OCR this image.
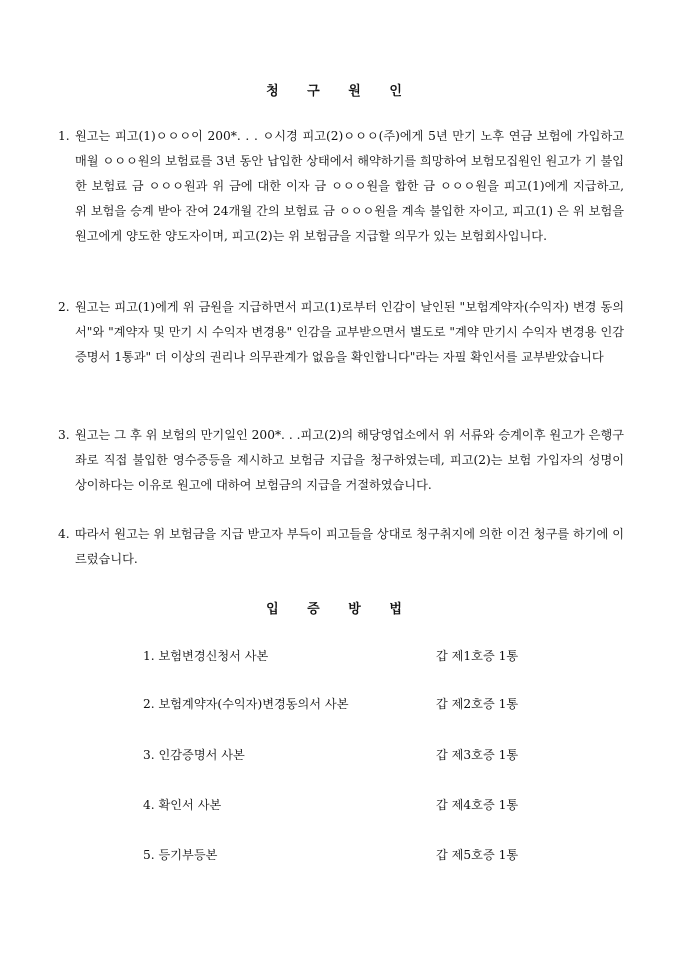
청 구 원 인
1. 원고는 피고(1)ㅇㅇㅇ이 200*. . . ㅇ시경 피고(2)ㅇㅇㅇ(주)에게 5년 만기 노후 연금 보험에 가입하고 매월 ㅇㅇㅇ원의 보험료를 3년 동안 납입한 상태에서 해약하기를 희망하여 보험모집원인 원고가 기 불입한 보험료 금 ㅇㅇㅇ원과 위 금에 대한 이자 금 ㅇㅇㅇ원을 합한 금 ㅇㅇㅇ원을 피고(1)에게 지급하고, 위 보험을 승계 받아 잔여 24개월 간의 보험료 금 ㅇㅇㅇ원을 계속 불입한 자이고, 피고(1) 은 위 보험을 원고에게 양도한 양도자이며, 피고(2)는 위 보험금을 지급할 의무가 있는 보험회사입니다.
2. 원고는 피고(1)에게 위 금원을 지급하면서 피고(1)로부터 인감이 날인된 "보험계약자(수익자) 변경 동의서"와 "계약자 및 만기 시 수익자 변경용" 인감을 교부받으면서 별도로 "계약 만기시 수익자 변경용 인감증명서 1통과" 더 이상의 권리나 의무관계가 없음을 확인합니다"라는 자필 확인서를 교부받았습니다
3. 원고는 그 후 위 보험의 만기일인 200*. . .피고(2)의 해당영업소에서 위 서류와 승계이후 원고가 은행구좌로 직접 불입한 영수증등을 제시하고 보험금 지급을 청구하였는데, 피고(2)는 보험 가입자의 성명이 상이하다는 이유로 원고에 대하여 보험금의 지급을 거절하였습니다.
4. 따라서 원고는 위 보험금을 지급 받고자 부득이 피고들을 상대로 청구취지에 의한 이건 청구를 하기에 이르렀습니다.
입 증 방 법
1. 보험변경신청서 사본	갑 제1호증 1통
2. 보험계약자(수익자)변경동의서 사본	갑 제2호증 1통
3. 인감증명서 사본	갑 제3호증 1통
4. 확인서 사본	갑 제4호증 1통
5. 등기부등본	갑 제5호증 1통
